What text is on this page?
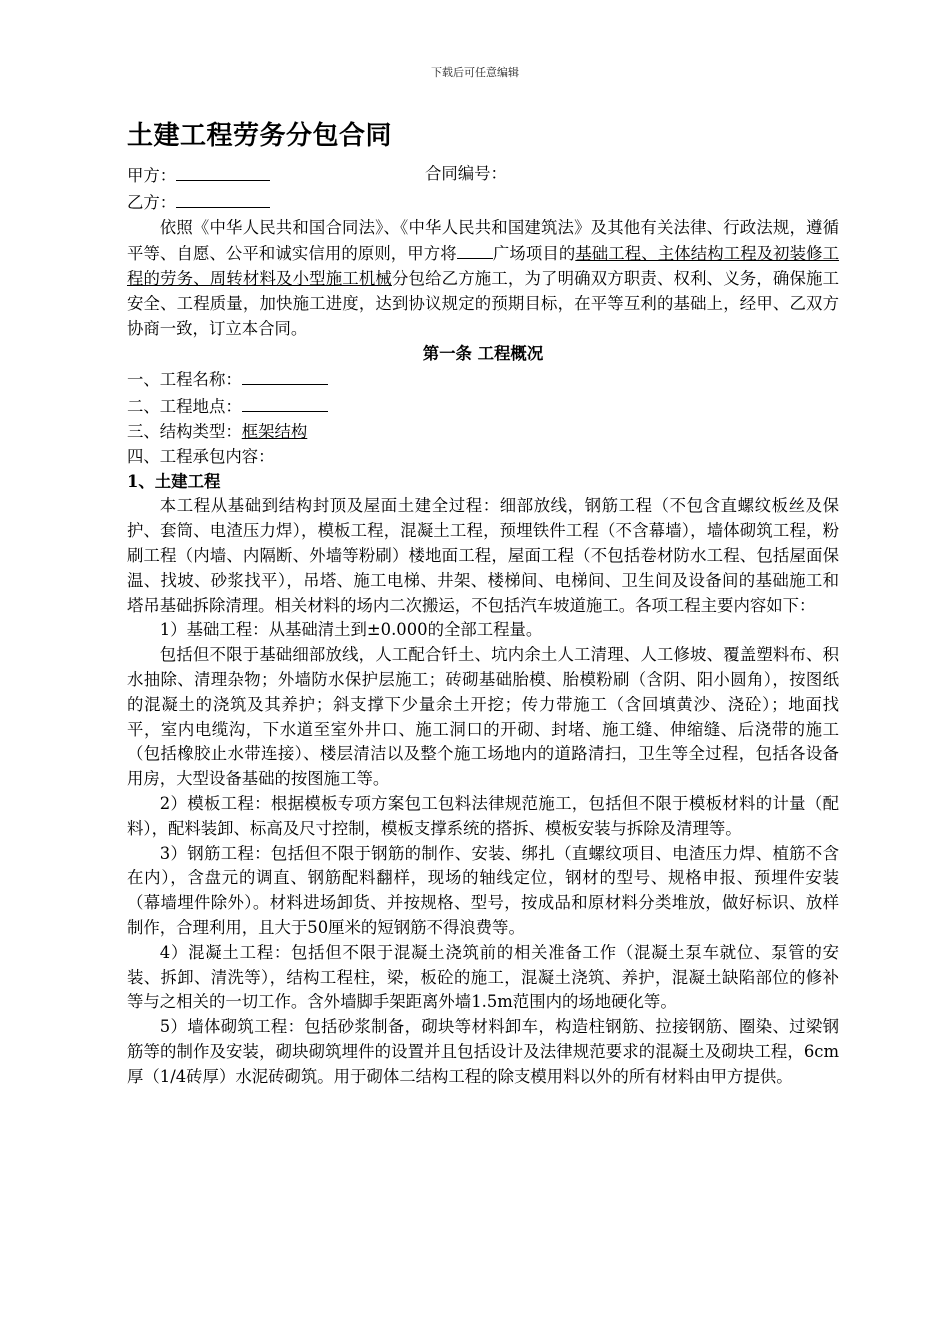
下载后可任意编辑
土建工程劳务分包合同
甲方：	合同编号：
乙方：

依照《中华人民共和国合同法》、《中华人民共和国建筑法》及其他有关法律、行政法规，遵循平等、自愿、公平和诚实信用的原则，甲方将 广场项目的基础工程、主体结构工程及初装修工程的劳务、周转材料及小型施工机械分包给乙方施工，为了明确双方职责、权利、义务，确保施工安全、工程质量，加快施工进度，达到协议规定的预期目标，在平等互利的基础上，经甲、乙双方协商一致，订立本合同。

第一条 工程概况

一、工程名称：
二、工程地点：
三、结构类型：框架结构
四、工程承包内容：
1、土建工程

本工程从基础到结构封顶及屋面土建全过程：细部放线，钢筋工程（不包含直螺纹板丝及保护、套筒、电渣压力焊），模板工程，混凝土工程，预埋铁件工程（不含幕墙），墙体砌筑工程，粉刷工程（内墙、内隔断、外墙等粉刷）楼地面工程，屋面工程（不包括卷材防水工程、包括屋面保温、找坡、砂浆找平），吊塔、施工电梯、井架、楼梯间、电梯间、卫生间及设备间的基础施工和塔吊基础拆除清理。相关材料的场内二次搬运，不包括汽车坡道施工。各项工程主要内容如下：

1）基础工程：从基础清土到±0.000的全部工程量。

包括但不限于基础细部放线，人工配合钎土、坑内余土人工清理、人工修坡、覆盖塑料布、积水抽除、清理杂物；外墙防水保护层施工；砖砌基础胎模、胎模粉刷（含阴、阳小圆角），按图纸的混凝土的浇筑及其养护；斜支撑下少量余土开挖；传力带施工（含回填黄沙、浇砼）；地面找平，室内电缆沟，下水道至室外井口、施工洞口的开砌、封堵、施工缝、伸缩缝、后浇带的施工（包括橡胶止水带连接）、楼层清洁以及整个施工场地内的道路清扫，卫生等全过程，包括各设备用房，大型设备基础的按图施工等。

2）模板工程：根据模板专项方案包工包料法律规范施工，包括但不限于模板材料的计量（配料），配料装卸、标高及尺寸控制，模板支撑系统的搭拆、模板安装与拆除及清理等。

3）钢筋工程：包括但不限于钢筋的制作、安装、绑扎（直螺纹项目、电渣压力焊、植筋不含在内），含盘元的调直、钢筋配料翻样，现场的轴线定位，钢材的型号、规格申报、预埋件安装（幕墙埋件除外）。材料进场卸货、并按规格、型号，按成品和原材料分类堆放，做好标识、放样制作，合理利用，且大于50厘米的短钢筋不得浪费等。

4）混凝土工程：包括但不限于混凝土浇筑前的相关准备工作（混凝土泵车就位、泵管的安装、拆卸、清洗等），结构工程柱，梁，板砼的施工，混凝土浇筑、养护，混凝土缺陷部位的修补等与之相关的一切工作。含外墙脚手架距离外墙1.5m范围内的场地硬化等。

5）墙体砌筑工程：包括砂浆制备，砌块等材料卸车，构造柱钢筋、拉接钢筋、圈染、过梁钢筋等的制作及安装，砌块砌筑埋件的设置并且包括设计及法律规范要求的混凝土及砌块工程，6cm厚（1/4砖厚）水泥砖砌筑。用于砌体二结构工程的除支模用料以外的所有材料由甲方提供。
